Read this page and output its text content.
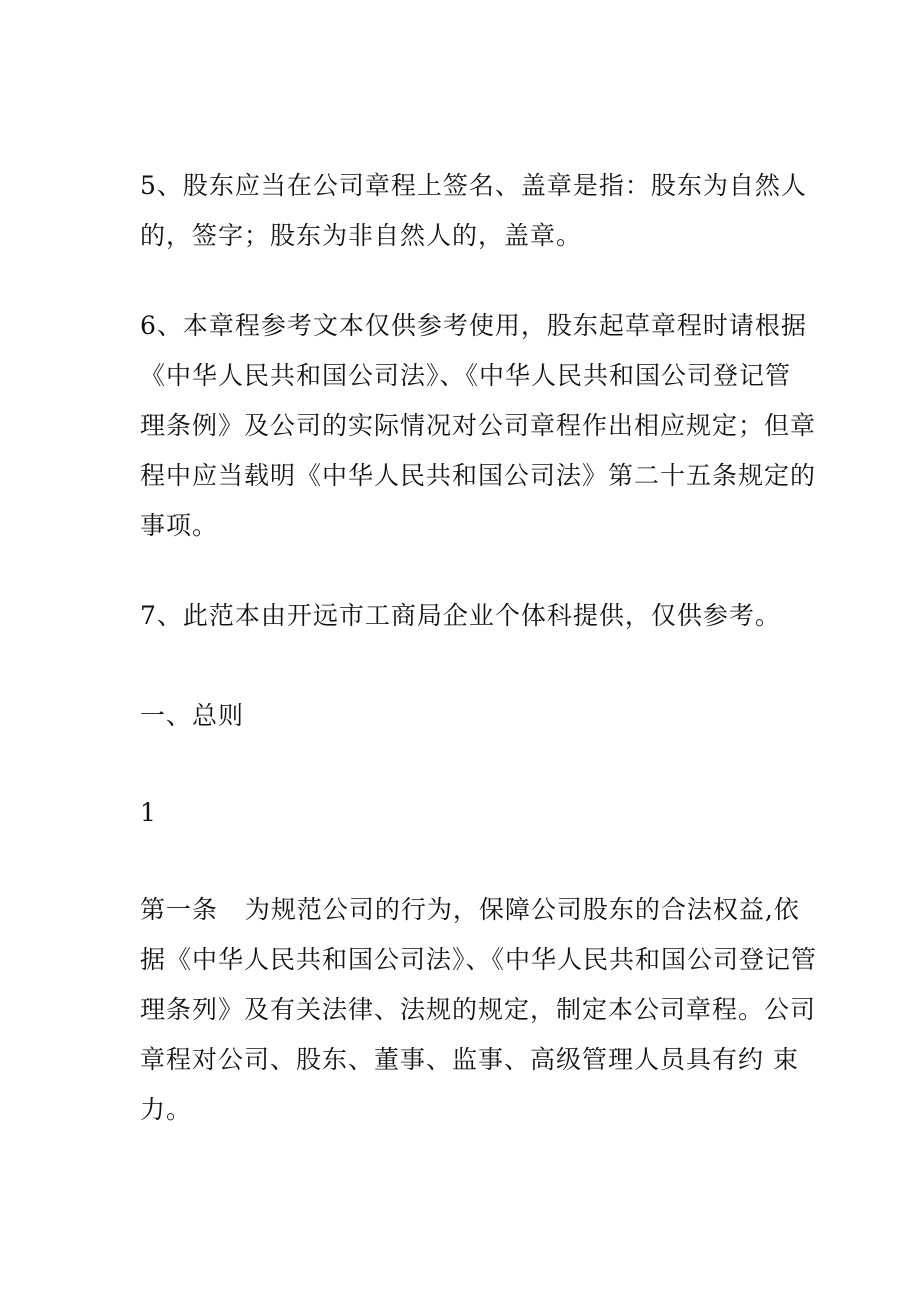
5、股东应当在公司章程上签名、盖章是指：股东为自然人
的，签字；股东为非自然人的，盖章。
6、本章程参考文本仅供参考使用，股东起草章程时请根据
《中华人民共和国公司法》、《中华人民共和国公司登记管
理条例》及公司的实际情况对公司章程作出相应规定；但章
程中应当载明《中华人民共和国公司法》第二十五条规定的
事项。
7、此范本由开远市工商局企业个体科提供，仅供参考。
一、总则
1
第一条   为规范公司的行为，保障公司股东的合法权益,依
据《中华人民共和国公司法》、《中华人民共和国公司登记管
理条列》及有关法律、法规的规定，制定本公司章程。公司
章程对公司、股东、董事、监事、高级管理人员具有约 束
力。
